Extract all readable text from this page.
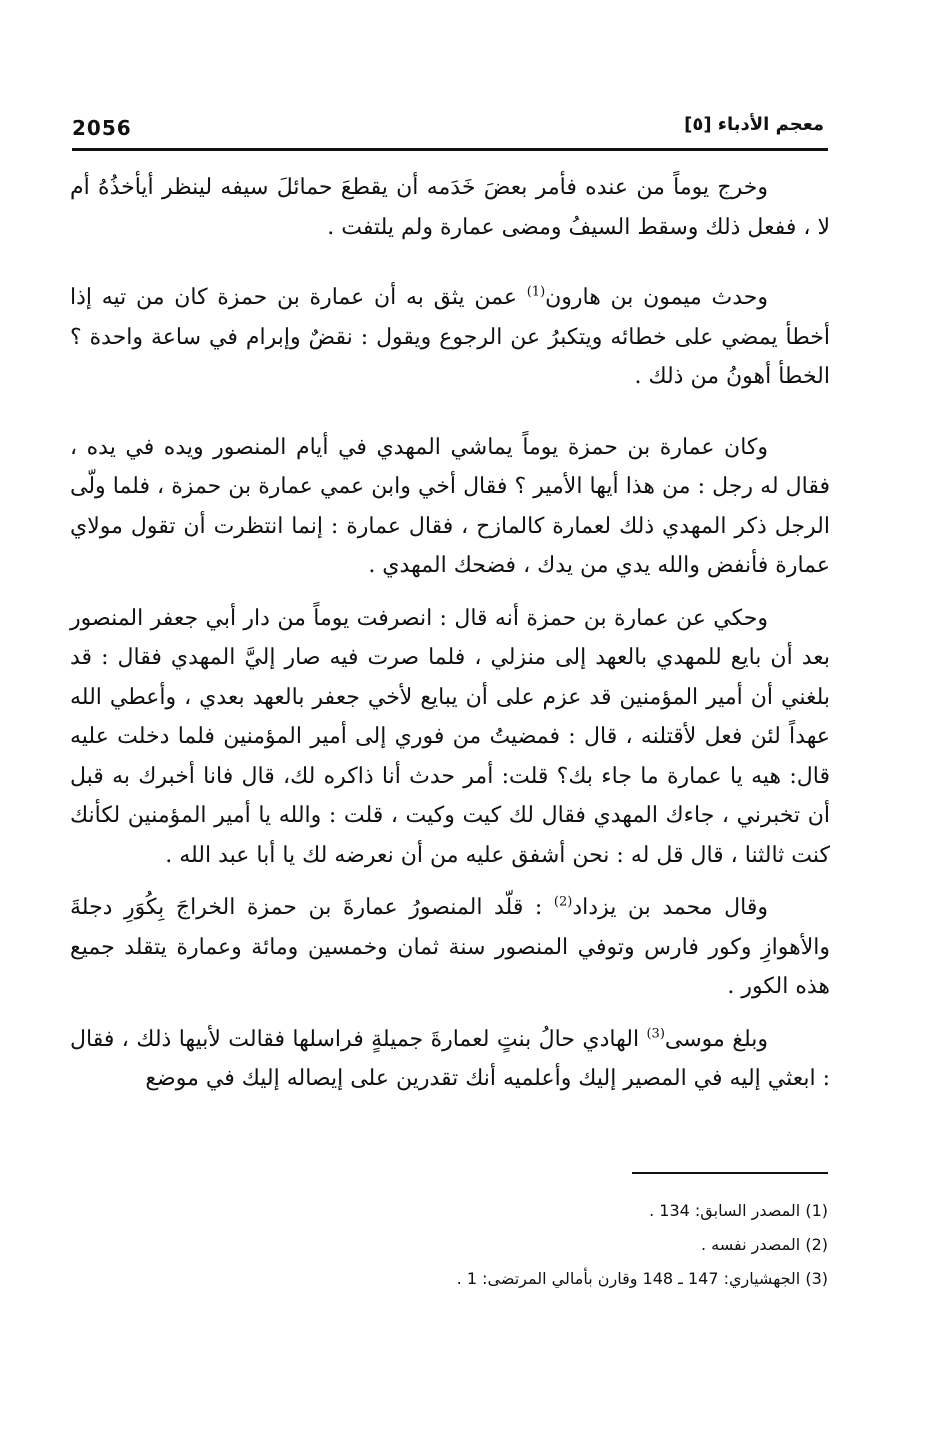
2056	معجم الأدباء [٥]

وخرج يوماً من عنده فأمر بعضَ خَدَمه أن يقطعَ حمائلَ سيفه لينظر أيأخذُهُ أم لا ، ففعل ذلك وسقط السيفُ ومضى عمارة ولم يلتفت .

وحدث ميمون بن هارون$^{(1)}$ عمن يثق به أن عمارة بن حمزة كان من تيه إذا أخطأ يمضي على خطائه ويتكبرُ عن الرجوع ويقول : نقضٌ وإبرام في ساعة واحدة ؟ الخطأ أهونُ من ذلك .

وكان عمارة بن حمزة يوماً يماشي المهدي في أيام المنصور ويده في يده ، فقال له رجل : من هذا أيها الأمير ؟ فقال أخي وابن عمي عمارة بن حمزة ، فلما ولّى الرجل ذكر المهدي ذلك لعمارة كالمازح ، فقال عمارة : إنما انتظرت أن تقول مولاي عمارة فأنفض والله يدي من يدك ، فضحك المهدي .

وحكي عن عمارة بن حمزة أنه قال : انصرفت يوماً من دار أبي جعفر المنصور بعد أن بايع للمهدي بالعهد إلى منزلي ، فلما صرت فيه صار إليَّ المهدي فقال : قد بلغني أن أمير المؤمنين قد عزم على أن يبايع لأخي جعفر بالعهد بعدي ، وأعطي الله عهداً لئن فعل لأقتلنه ، قال : فمضيتُ من فوري إلى أمير المؤمنين فلما دخلت عليه قال: هيه يا عمارة ما جاء بك؟ قلت: أمر حدث أنا ذاكره لك، قال فانا أخبرك به قبل أن تخبرني ، جاءك المهدي فقال لك كيت وكيت ، قلت : والله يا أمير المؤمنين لكأنك كنت ثالثنا ، قال قل له : نحن أشفق عليه من أن نعرضه لك يا أبا عبد الله .

وقال محمد بن يزداد$^{(2)}$ : قلّد المنصورُ عمارةَ بن حمزة الخراجَ بِكُوَرِ دجلةَ والأهوازِ وكور فارس وتوفي المنصور سنة ثمان وخمسين ومائة وعمارة يتقلد جميع هذه الكور .

وبلغ موسى$^{(3)}$ الهادي حالُ بنتٍ لعمارةَ جميلةٍ فراسلها فقالت لأبيها ذلك ، فقال : ابعثي إليه في المصير إليك وأعلميه أنك تقدرين على إيصاله إليك في موضع

(1) المصدر السابق: 134 .

(2) المصدر نفسه .

(3) الجهشياري: 147 ـ 148 وقارن بأمالي المرتضى: 1 .
